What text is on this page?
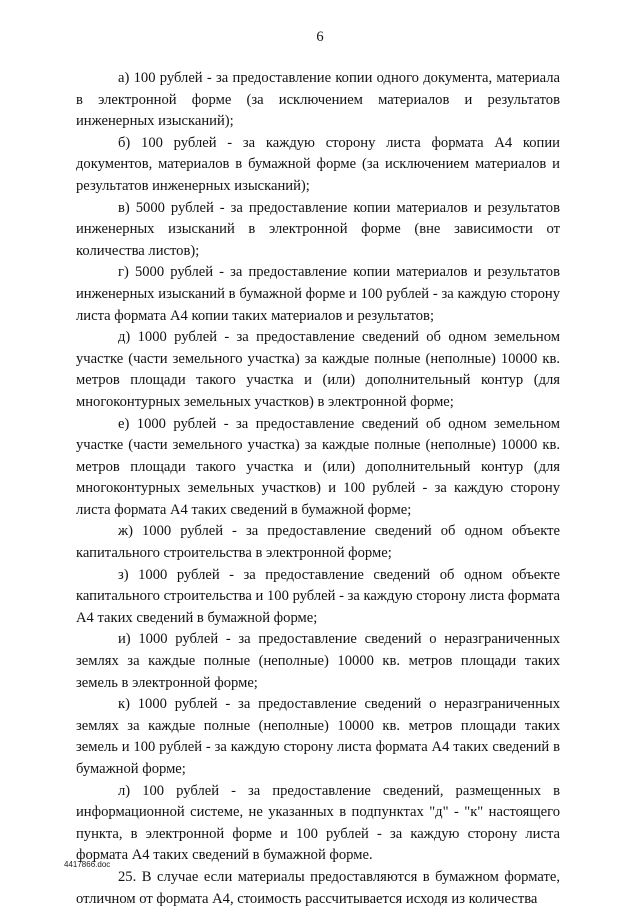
6

а) 100 рублей - за предоставление копии одного документа, материала в электронной форме (за исключением материалов и результатов инженерных изысканий);

б) 100 рублей - за каждую сторону листа формата А4 копии документов, материалов в бумажной форме (за исключением материалов и результатов инженерных изысканий);

в) 5000 рублей - за предоставление копии материалов и результатов инженерных изысканий в электронной форме (вне зависимости от количества листов);

г) 5000 рублей - за предоставление копии материалов и результатов инженерных изысканий в бумажной форме и 100 рублей - за каждую сторону листа формата А4 копии таких материалов и результатов;

д) 1000 рублей - за предоставление сведений об одном земельном участке (части земельного участка) за каждые полные (неполные) 10000 кв. метров площади такого участка и (или) дополнительный контур (для многоконтурных земельных участков) в электронной форме;

е) 1000 рублей - за предоставление сведений об одном земельном участке (части земельного участка) за каждые полные (неполные) 10000 кв. метров площади такого участка и (или) дополнительный контур (для многоконтурных земельных участков) и 100 рублей - за каждую сторону листа формата А4 таких сведений в бумажной форме;

ж) 1000 рублей - за предоставление сведений об одном объекте капитального строительства в электронной форме;

з) 1000 рублей - за предоставление сведений об одном объекте капитального строительства и 100 рублей - за каждую сторону листа формата А4 таких сведений в бумажной форме;

и) 1000 рублей - за предоставление сведений о неразграниченных землях за каждые полные (неполные) 10000 кв. метров площади таких земель в электронной форме;

к) 1000 рублей - за предоставление сведений о неразграниченных землях за каждые полные (неполные) 10000 кв. метров площади таких земель и 100 рублей - за каждую сторону листа формата А4 таких сведений в бумажной форме;

л) 100 рублей - за предоставление сведений, размещенных в информационной системе, не указанных в подпунктах "д" - "к" настоящего пункта, в электронной форме и 100 рублей - за каждую сторону листа формата А4 таких сведений в бумажной форме.

25. В случае если материалы предоставляются в бумажном формате, отличном от формата А4, стоимость рассчитывается исходя из количества

4417866.doc
